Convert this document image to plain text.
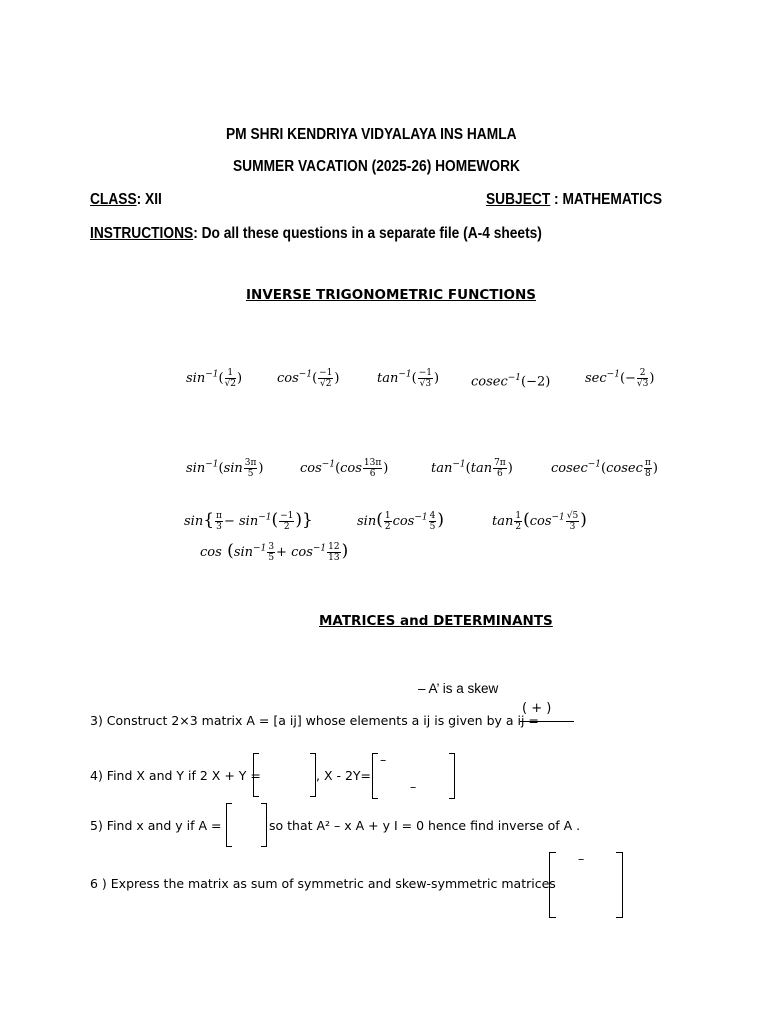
PM SHRI KENDRIYA VIDYALAYA INS HAMLA
SUMMER VACATION (2025-26) HOMEWORK
CLASS: XII	SUBJECT : MATHEMATICS
INSTRUCTIONS: Do all these questions in a separate file (A-4 sheets)
INVERSE TRIGONOMETRIC FUNCTIONS
$\sin^{-1}( \frac{1}{√2}$ )	$\cos^{-1}( \frac{-1}{√2}$ )	$\tan^{-1}( \frac{-1}{√3}$ ) cosec$^{-1}$(−2)	$\sec^{-1}(- \frac{2}{√3}$ )
$\sin^{-1}(\sin \frac{3\pi}{5}$ )	$\cos^{-1}(\cos \frac{13\pi}{6}$ )	$\tan^{-1}(\tan \frac{7\pi}{6}$ )	$cosec^{-1}(cosec \frac{\pi}{8}$ )
$\sin\{ \frac{\pi}{3} - \sin^{-1}( \frac{-1}{2}$ )}	$\sin( \frac{1}{2} \cos^{-1} \frac{4}{5}$ )	$\tan \frac{1}{2} (\cos^{-1} \frac{√5}{3}$ )
$\cos (\sin^{-1} \frac{3}{5} + \cos^{-1} \frac{12}{13}$ )
MATRICES and DETERMINANTS
– A’ is a skew
3) Construct 2×3 matrix A = [a ij] whose elements a ij is given by a ij =
( + )
4) Find X and Y if 2 X + Y =	, X - 2Y=
–
–
5) Find x and y if A =	so that A² – x A + y I = 0 hence find inverse of A .
6 ) Express the matrix as sum of symmetric and skew-symmetric matrices
–
